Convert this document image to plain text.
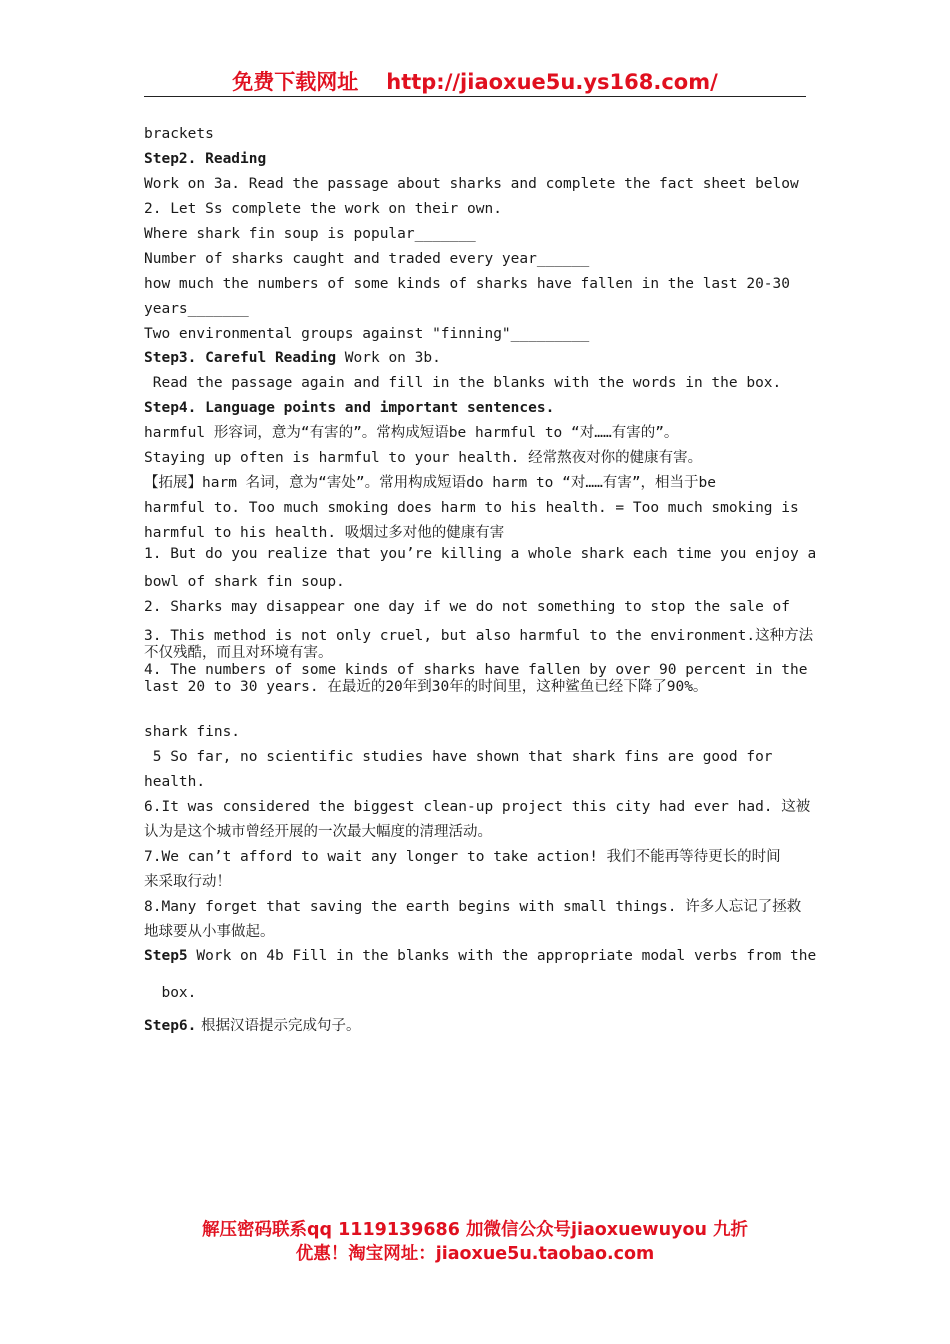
免费下载网址 http://jiaoxue5u.ys168.com/
brackets
Step2. Reading
Work on 3a. Read the passage about sharks and complete the fact sheet below
2. Let Ss complete the work on their own.
Where shark fin soup is popular_______
Number of sharks caught and traded every year______
how much the numbers of some kinds of sharks have fallen in the last 20-30
years_______
Two environmental groups against "finning"_________
Step3. Careful Reading Work on 3b.
Read the passage again and fill in the blanks with the words in the box.
Step4. Language points and important sentences.
harmful 形容词，意为“有害的”。常构成短语be harmful to “对……有害的”。
Staying up often is harmful to your health. 经常熬夜对你的健康有害。
【拓展】harm 名词，意为“害处”。常用构成短语do harm to “对……有害”，相当于be
harmful to. Too much smoking does harm to his health. = Too much smoking is
harmful to his health. 吸烟过多对他的健康有害
1. But do you realize that you’re killing a whole shark each time you enjoy a
bowl of shark fin soup.
2. Sharks may disappear one day if we do not something to stop the sale of
3. This method is not only cruel, but also harmful to the environment.这种方法
不仅残酷，而且对环境有害。
4. The numbers of some kinds of sharks have fallen by over 90 percent in the
last 20 to 30 years. 在最近的20年到30年的时间里，这种鲨鱼已经下降了90%。
shark fins.
5 So far, no scientific studies have shown that shark fins are good for
health.
6.It was considered the biggest clean-up project this city had ever had. 这被
认为是这个城市曾经开展的一次最大幅度的清理活动。
7.We can’t afford to wait any longer to take action! 我们不能再等待更长的时间
来采取行动！
8.Many forget that saving the earth begins with small things. 许多人忘记了拯救
地球要从小事做起。
Step5 Work on 4b Fill in the blanks with the appropriate modal verbs from the
box.
Step6. 根据汉语提示完成句子。
解压密码联系qq 1119139686 加微信公众号jiaoxuewuyou 九折
优惠！淘宝网址：jiaoxue5u.taobao.com
